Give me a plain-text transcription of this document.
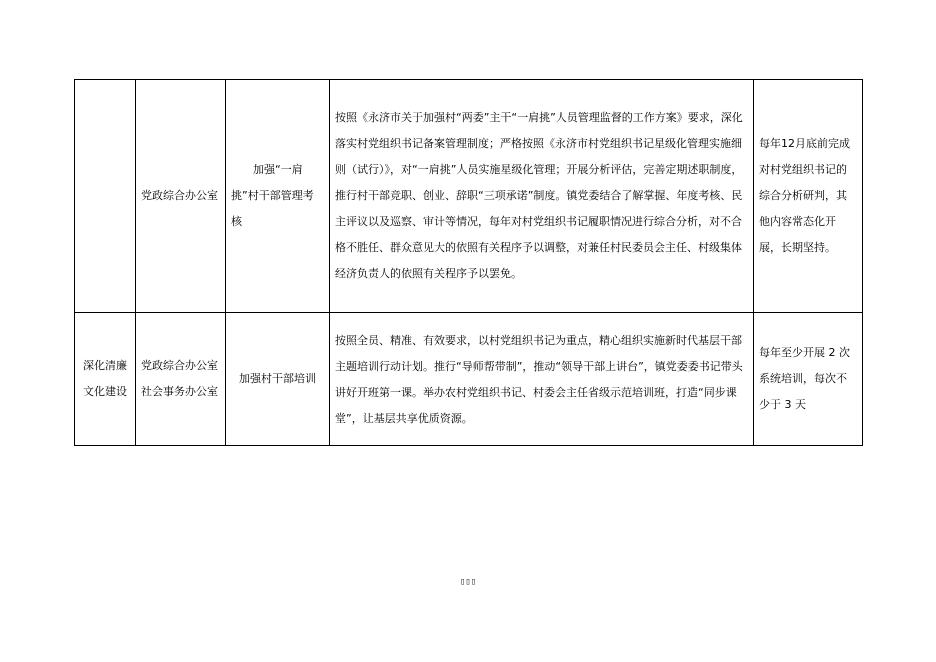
	党政综合办公室	加强“一肩挑”村干部管理考核	按照《永济市关于加强村“两委”主干“一肩挑”人员管理监督的工作方案》要求，深化落实村党组织书记备案管理制度；严格按照《永济市村党组织书记星级化管理实施细则（试行）》，对“一肩挑”人员实施星级化管理；开展分析评估，完善定期述职制度，推行村干部竞职、创业、辞职“三项承诺”制度。镇党委结合了解掌握、年度考核、民主评议以及巡察、审计等情况，每年对村党组织书记履职情况进行综合分析，对不合格不胜任、群众意见大的依照有关程序予以调整，对兼任村民委员会主任、村级集体经济负责人的依照有关程序予以罢免。	每年12月底前完成对村党组织书记的综合分析研判，其他内容常态化开展，长期坚持。
深化清廉文化建设	党政综合办公室社会事务办公室	加强村干部培训	按照全员、精准、有效要求，以村党组织书记为重点，精心组织实施新时代基层干部主题培训行动计划。推行“导师帮带制”，推动“领导干部上讲台”，镇党委委书记带头讲好开班第一课。举办农村党组织书记、村委会主任省级示范培训班，打造“同步课堂”，让基层共享优质资源。	每年至少开展 2 次系统培训，每次不少于 3 天
▯▯▯
